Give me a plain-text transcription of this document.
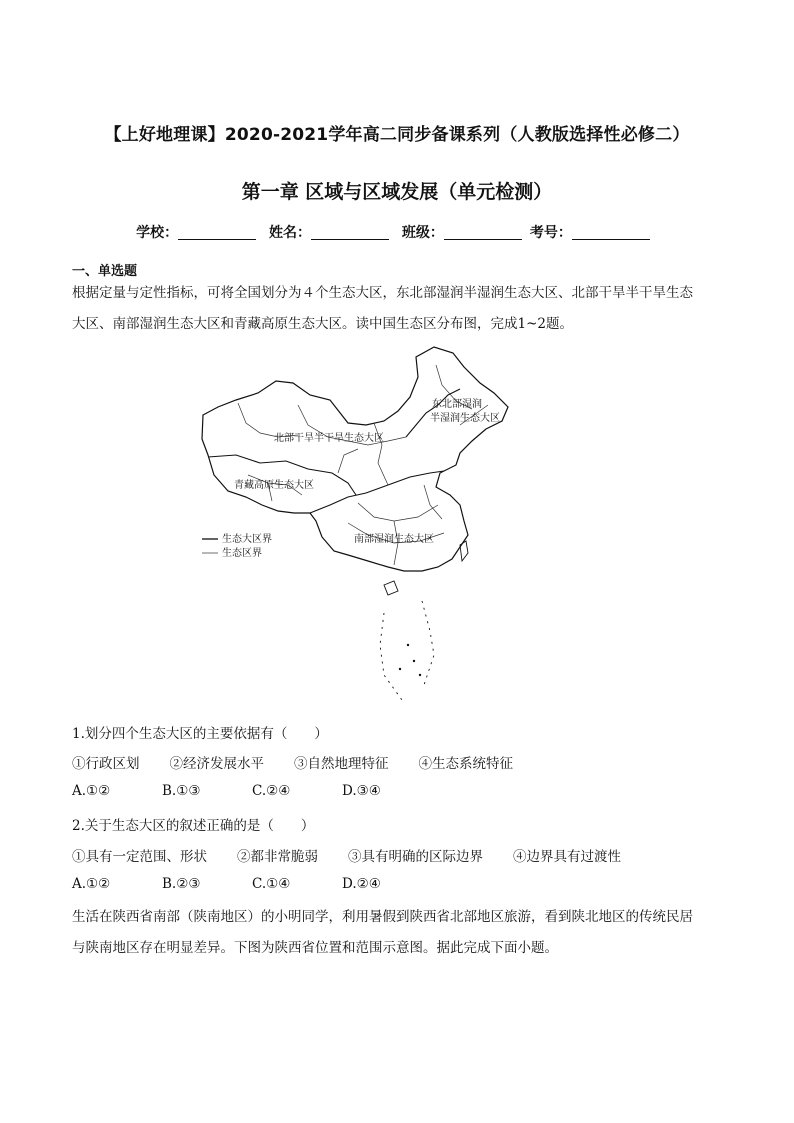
【上好地理课】2020-2021学年高二同步备课系列（人教版选择性必修二）
第一章 区域与区域发展（单元检测）
学校：	姓名：	班级：	考号：
一、单选题
根据定量与定性指标，可将全国划分为４个生态大区，东北部湿润半湿润生态大区、北部干旱半干旱生态
大区、南部湿润生态大区和青藏高原生态大区。读中国生态区分布图，完成1~2题。
东北部湿润
半湿润生态大区
北部干旱半干旱生态大区
青藏高原生态大区
南部湿润生态大区
生态大区界
生态区界
1.划分四个生态大区的主要依据有（　　）
①行政区划 ②经济发展水平 ③自然地理特征 ④生态系统特征
A.①②	B.①③	C.②④	D.③④
2.关于生态大区的叙述正确的是（　　）
①具有一定范围、形状 ②都非常脆弱 ③具有明确的区际边界 ④边界具有过渡性
A.①②	B.②③	C.①④	D.②④
生活在陕西省南部（陕南地区）的小明同学，利用暑假到陕西省北部地区旅游，看到陕北地区的传统民居
与陕南地区存在明显差异。下图为陕西省位置和范围示意图。据此完成下面小题。
